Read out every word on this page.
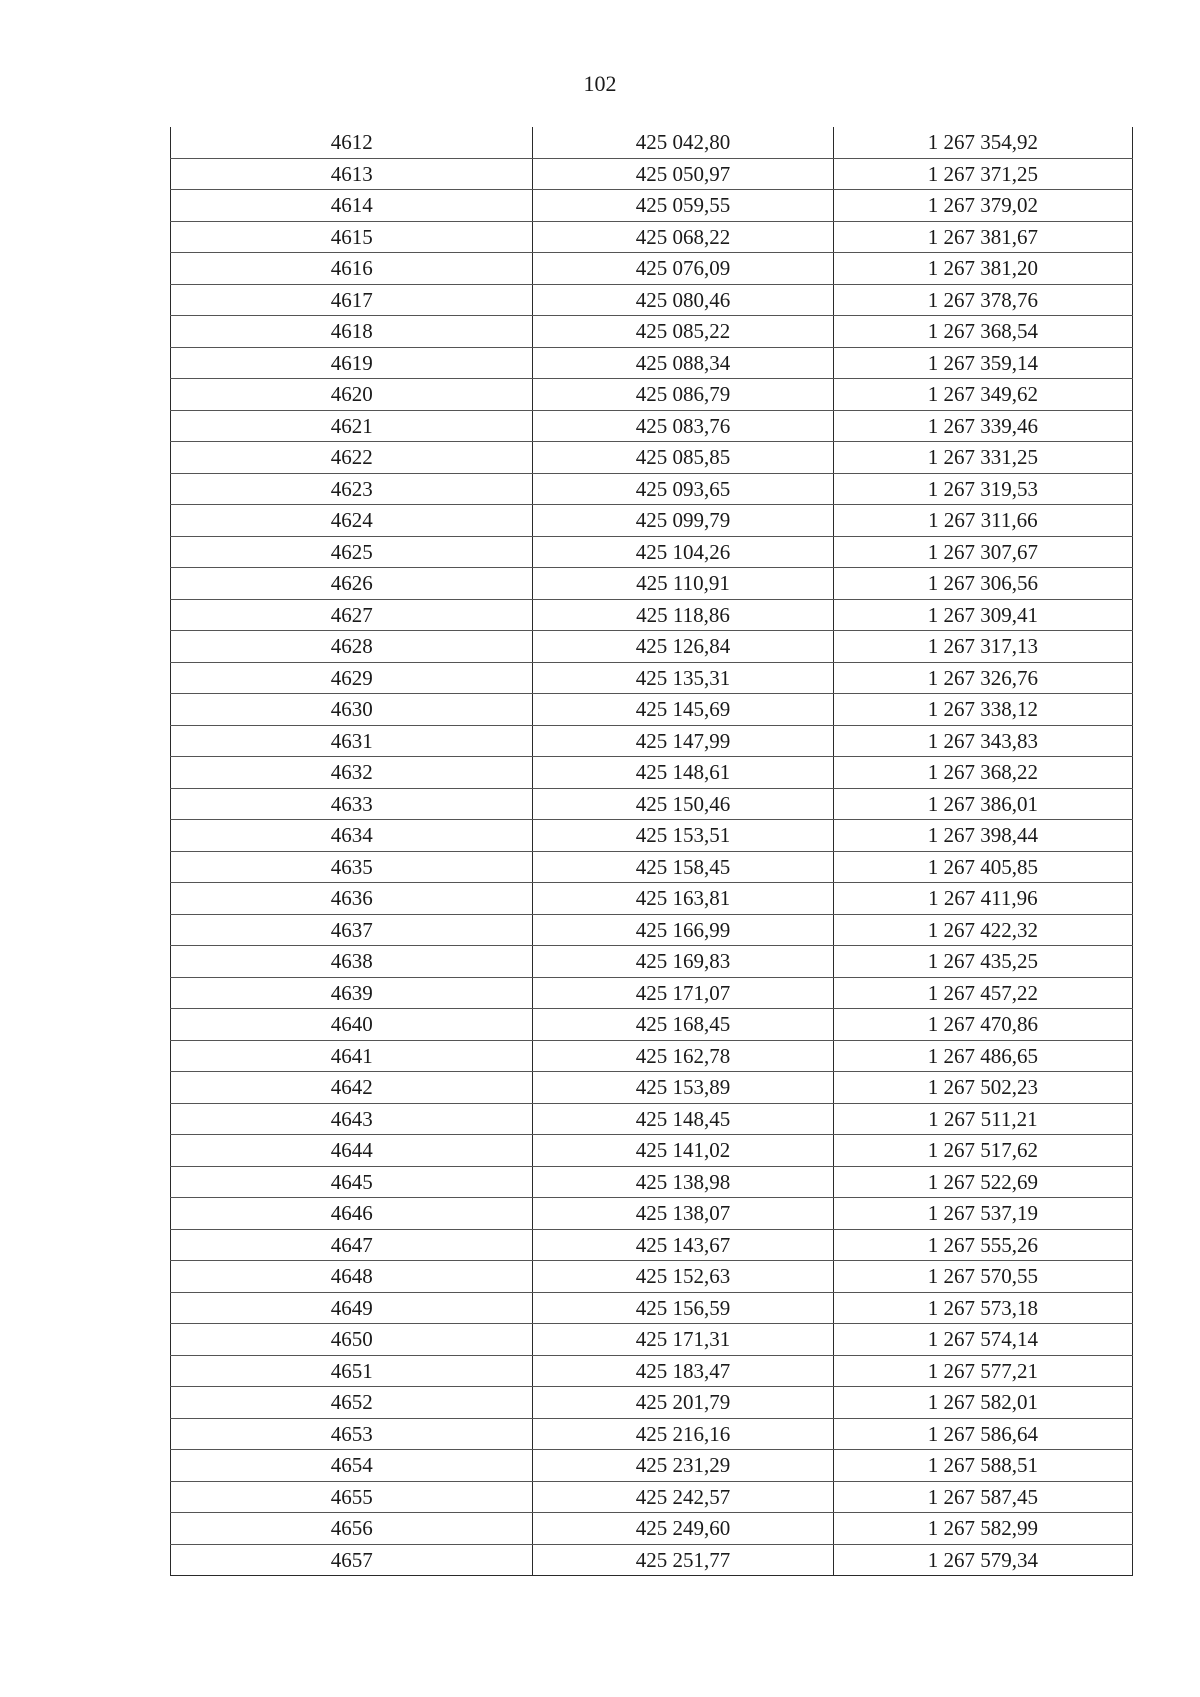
102
4612	425 042,80	1 267 354,92
4613	425 050,97	1 267 371,25
4614	425 059,55	1 267 379,02
4615	425 068,22	1 267 381,67
4616	425 076,09	1 267 381,20
4617	425 080,46	1 267 378,76
4618	425 085,22	1 267 368,54
4619	425 088,34	1 267 359,14
4620	425 086,79	1 267 349,62
4621	425 083,76	1 267 339,46
4622	425 085,85	1 267 331,25
4623	425 093,65	1 267 319,53
4624	425 099,79	1 267 311,66
4625	425 104,26	1 267 307,67
4626	425 110,91	1 267 306,56
4627	425 118,86	1 267 309,41
4628	425 126,84	1 267 317,13
4629	425 135,31	1 267 326,76
4630	425 145,69	1 267 338,12
4631	425 147,99	1 267 343,83
4632	425 148,61	1 267 368,22
4633	425 150,46	1 267 386,01
4634	425 153,51	1 267 398,44
4635	425 158,45	1 267 405,85
4636	425 163,81	1 267 411,96
4637	425 166,99	1 267 422,32
4638	425 169,83	1 267 435,25
4639	425 171,07	1 267 457,22
4640	425 168,45	1 267 470,86
4641	425 162,78	1 267 486,65
4642	425 153,89	1 267 502,23
4643	425 148,45	1 267 511,21
4644	425 141,02	1 267 517,62
4645	425 138,98	1 267 522,69
4646	425 138,07	1 267 537,19
4647	425 143,67	1 267 555,26
4648	425 152,63	1 267 570,55
4649	425 156,59	1 267 573,18
4650	425 171,31	1 267 574,14
4651	425 183,47	1 267 577,21
4652	425 201,79	1 267 582,01
4653	425 216,16	1 267 586,64
4654	425 231,29	1 267 588,51
4655	425 242,57	1 267 587,45
4656	425 249,60	1 267 582,99
4657	425 251,77	1 267 579,34
